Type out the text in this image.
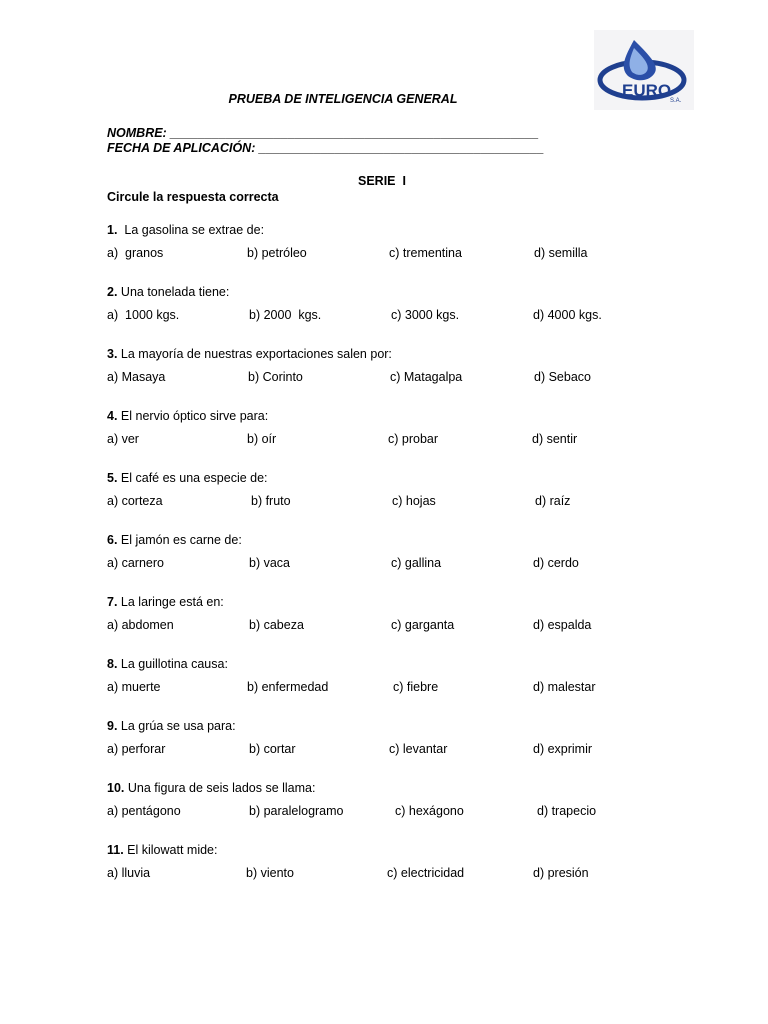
EURO
S.A.
PRUEBA DE INTELIGENCIA GENERAL
NOMBRE: _____________________________________________________
FECHA DE APLICACIÓN: _________________________________________
SERIE  I
Circule la respuesta correcta
1.  La gasolina se extrae de:
a)  granos	b) petróleo	c) trementina	d) semilla
2. Una tonelada tiene:
a)  1000 kgs.	b) 2000  kgs.	c) 3000 kgs.	d) 4000 kgs.
3. La mayoría de nuestras exportaciones salen por:
a) Masaya	b) Corinto	c) Matagalpa	d) Sebaco
4. El nervio óptico sirve para:
a) ver	b) oír	c) probar	d) sentir
5. El café es una especie de:
a) corteza	b) fruto	c) hojas	d) raíz
6. El jamón es carne de:
a) carnero	b) vaca	c) gallina	d) cerdo
7. La laringe está en:
a) abdomen	b) cabeza	c) garganta	d) espalda
8. La guillotina causa:
a) muerte	b) enfermedad	c) fiebre	d) malestar
9. La grúa se usa para:
a) perforar	b) cortar	c) levantar	d) exprimir
10. Una figura de seis lados se llama:
a) pentágono	b) paralelogramo	c) hexágono	d) trapecio
11. El kilowatt mide:
a) lluvia	b) viento	c) electricidad	d) presión
